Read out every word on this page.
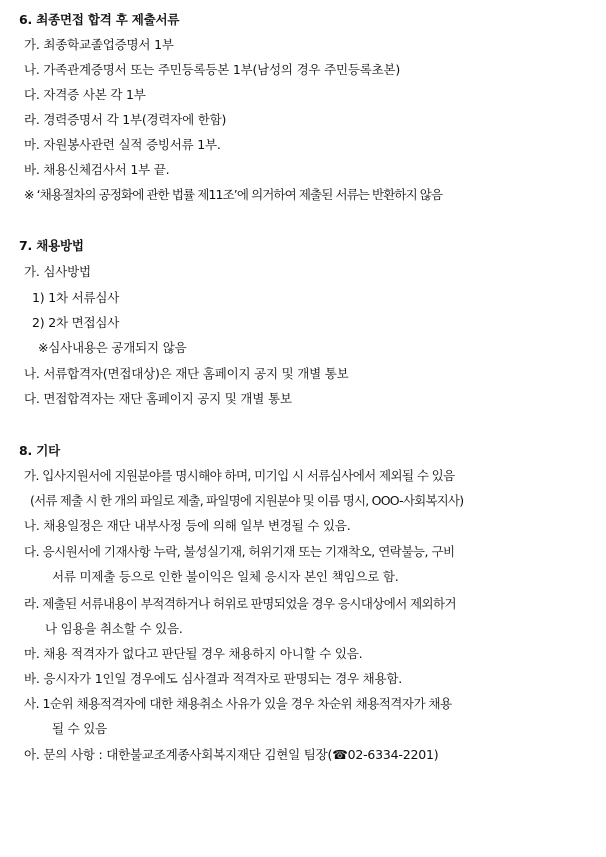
6. 최종면접 합격 후 제출서류
가. 최종학교졸업증명서 1부
나. 가족관계증명서 또는 주민등록등본 1부(남성의 경우 주민등록초본)
다. 자격증 사본 각 1부
라. 경력증명서 각 1부(경력자에 한함)
마. 자원봉사관련 실적 증빙서류 1부.
바. 채용신체검사서 1부 끝.
※ ‘채용절차의 공정화에 관한 법률 제11조’에 의거하여 제출된 서류는 반환하지 않음
7. 채용방법
가. 심사방법
1) 1차 서류심사
2) 2차 면접심사
※심사내용은 공개되지 않음
나. 서류합격자(면접대상)은 재단 홈페이지 공지 및 개별 통보
다. 면접합격자는 재단 홈페이지 공지 및 개별 통보
8. 기타
가. 입사지원서에 지원분야를 명시해야 하며, 미기입 시 서류심사에서 제외될 수 있음
(서류 제출 시 한 개의 파일로 제출, 파일명에 지원분야 및 이름 명시, OOO-사회복지사)
나. 채용일정은 재단 내부사정 등에 의해 일부 변경될 수 있음.
다. 응시원서에 기재사항 누락, 불성실기재, 허위기재 또는 기재착오, 연락불능, 구비
서류 미제출 등으로 인한 불이익은 일체 응시자 본인 책임으로 함.
라. 제출된 서류내용이 부적격하거나 허위로 판명되었을 경우 응시대상에서 제외하거
나 임용을 취소할 수 있음.
마. 채용 적격자가 없다고 판단될 경우 채용하지 아니할 수 있음.
바. 응시자가 1인일 경우에도 심사결과 적격자로 판명되는 경우 채용함.
사. 1순위 채용적격자에 대한 채용취소 사유가 있을 경우 차순위 채용적격자가 채용
될 수 있음
아. 문의 사항 : 대한불교조계종사회복지재단 김현일 팀장(☎02-6334-2201)
